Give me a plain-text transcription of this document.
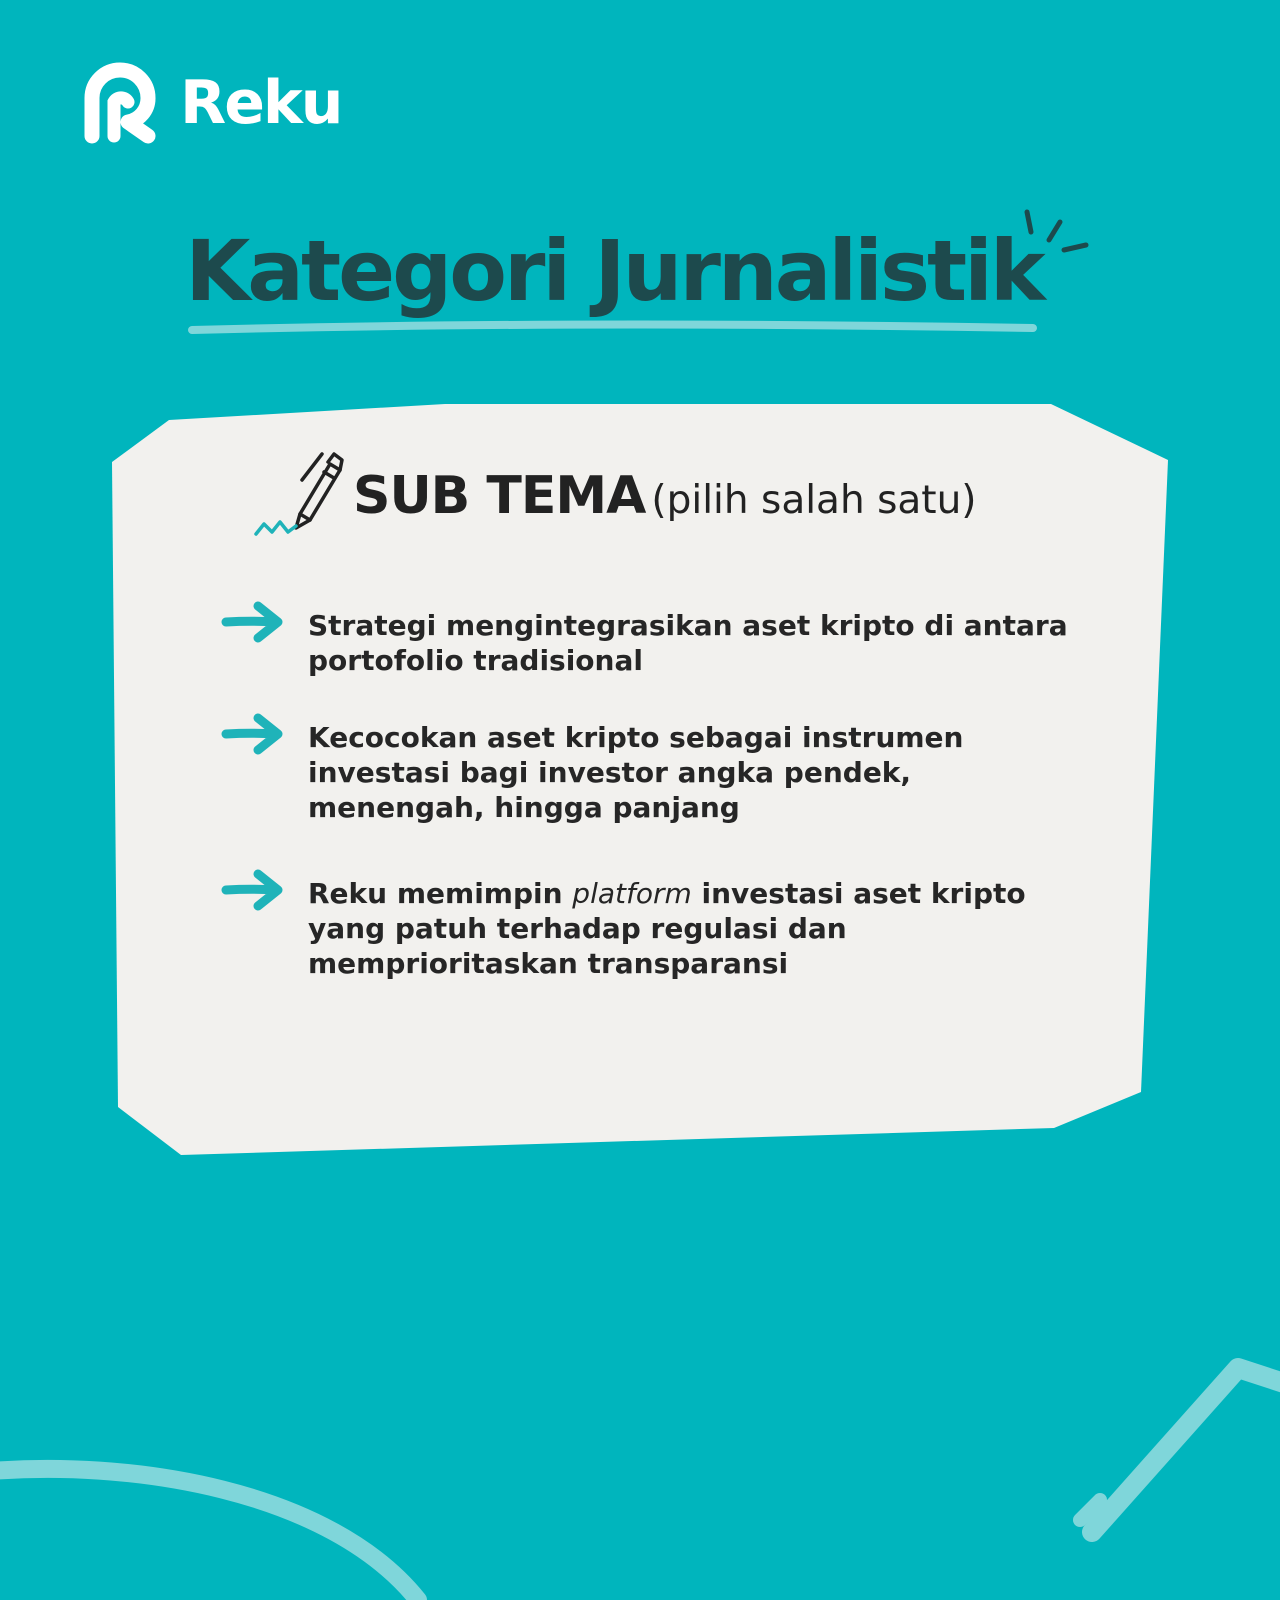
Reku
Kategori Jurnalistik
SUB TEMA (pilih salah satu)
Strategi mengintegrasikan aset kripto di antara portofolio tradisional
Kecocokan aset kripto sebagai instrumen investasi bagi investor angka pendek, menengah, hingga panjang
Reku memimpin platform investasi aset kripto yang patuh terhadap regulasi dan memprioritaskan transparansi
